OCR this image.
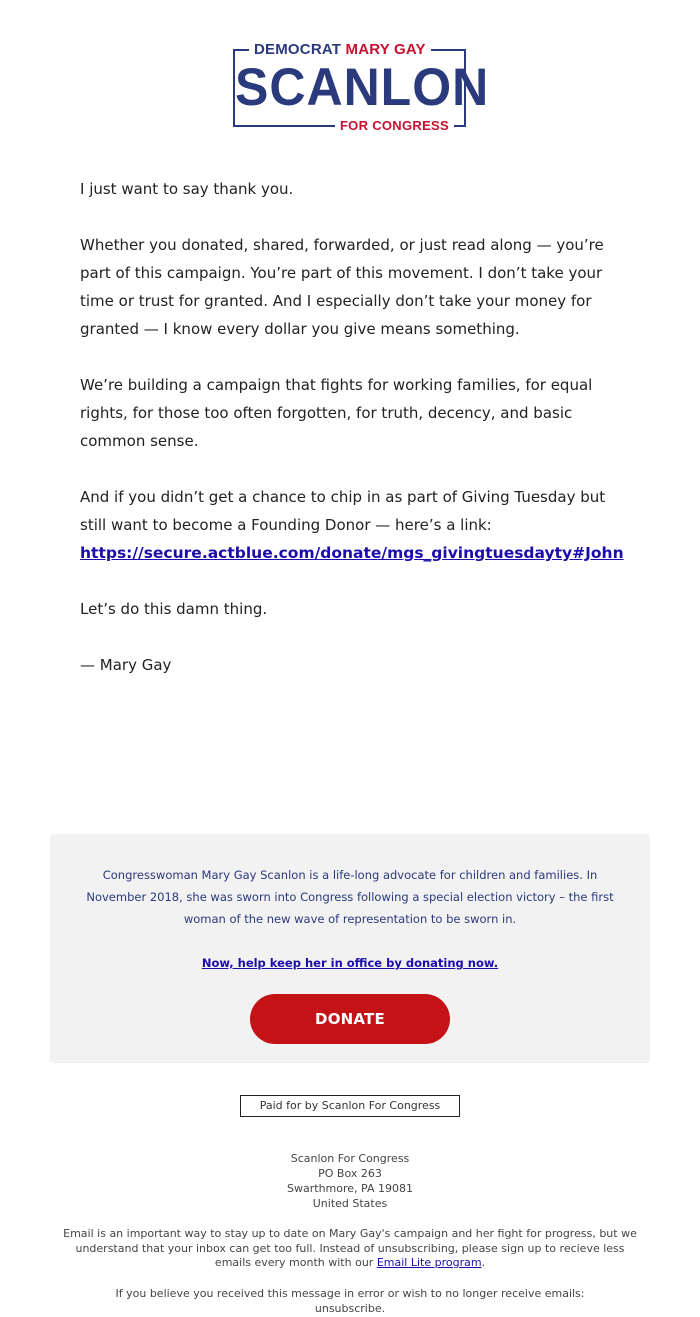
DEMOCRAT MARY GAY
SCANLON
FOR CONGRESS

I just want to say thank you.

Whether you donated, shared, forwarded, or just read along — you’re part of this campaign. You’re part of this movement. I don’t take your time or trust for granted. And I especially don’t take your money for granted — I know every dollar you give means something.

We’re building a campaign that fights for working families, for equal rights, for those too often forgotten, for truth, decency, and basic common sense.

And if you didn’t get a chance to chip in as part of Giving Tuesday but still want to become a Founding Donor — here’s a link:
https://secure.actblue.com/donate/mgs_givingtuesdayty#John

Let’s do this damn thing.

— Mary Gay

Congresswoman Mary Gay Scanlon is a life-long advocate for children and families. In November 2018, she was sworn into Congress following a special election victory – the first woman of the new wave of representation to be sworn in.

Now, help keep her in office by donating now.
DONATE
Paid for by Scanlon For Congress
Scanlon For Congress
PO Box 263
Swarthmore, PA 19081
United States

Email is an important way to stay up to date on Mary Gay's campaign and her fight for progress, but we understand that your inbox can get too full. Instead of unsubscribing, please sign up to recieve less emails every month with our Email Lite program.

If you believe you received this message in error or wish to no longer receive emails:
unsubscribe.
